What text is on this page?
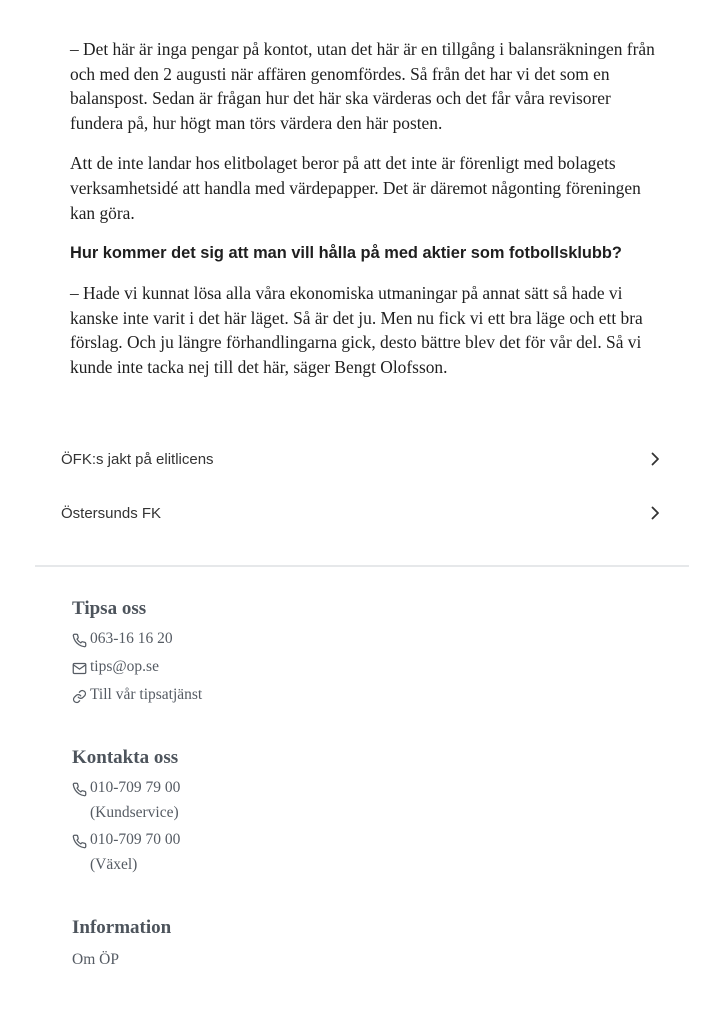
– Det här är inga pengar på kontot, utan det här är en tillgång i balansräkningen från och med den 2 augusti när affären genomfördes. Så från det har vi det som en balanspost. Sedan är frågan hur det här ska värderas och det får våra revisorer fundera på, hur högt man törs värdera den här posten.

Att de inte landar hos elitbolaget beror på att det inte är förenligt med bolagets verksamhetsidé att handla med värdepapper. Det är däremot någonting föreningen kan göra.

Hur kommer det sig att man vill hålla på med aktier som fotbollsklubb?

– Hade vi kunnat lösa alla våra ekonomiska utmaningar på annat sätt så hade vi kanske inte varit i det här läget. Så är det ju. Men nu fick vi ett bra läge och ett bra förslag. Och ju längre förhandlingarna gick, desto bättre blev det för vår del. Så vi kunde inte tacka nej till det här, säger Bengt Olofsson.

ÖFK:s jakt på elitlicens
Östersunds FK
Tipsa oss
063-16 16 20
tips@op.se
Till vår tipsatjänst
Kontakta oss
010-709 79 00
(Kundservice)
010-709 70 00
(Växel)
Information
Om ÖP
